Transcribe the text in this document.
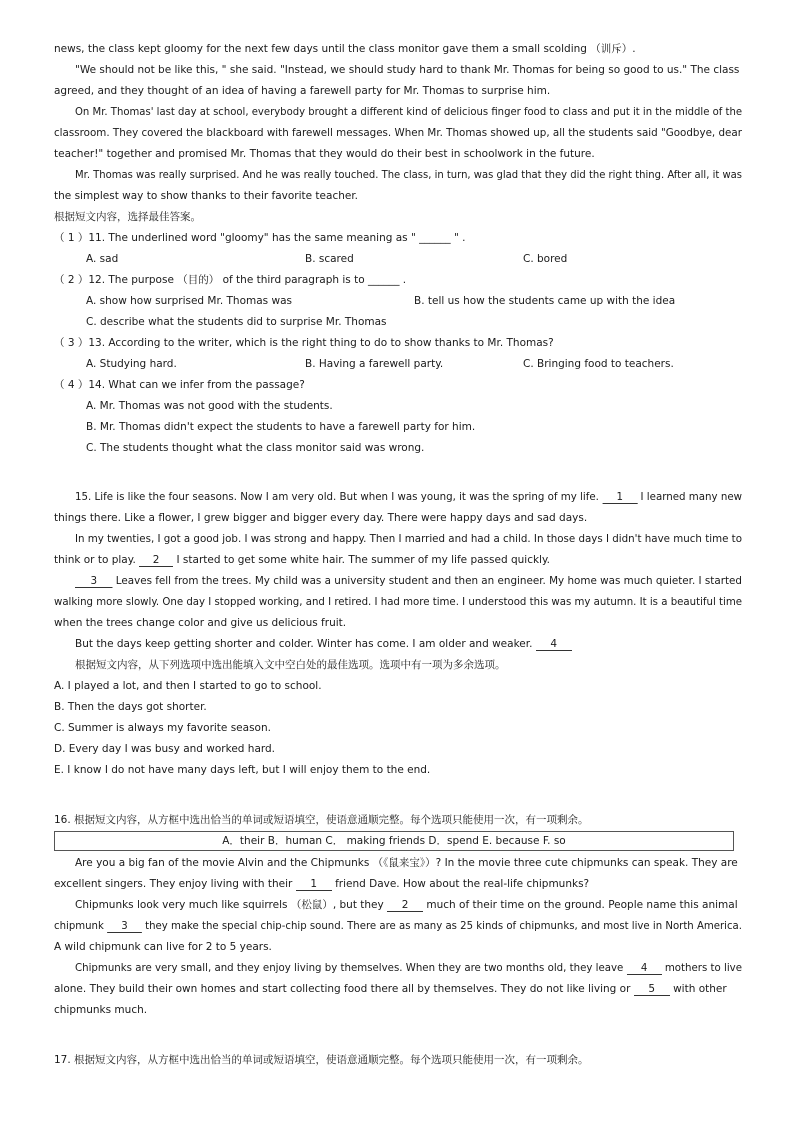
news, the class kept gloomy for the next few days until the class monitor gave them a small scolding （训斥）.
"We should not be like this, " she said. "Instead, we should study hard to thank Mr. Thomas for being so good to us." The class
agreed, and they thought of an idea of having a farewell party for Mr. Thomas to surprise him.
On Mr. Thomas' last day at school, everybody brought a different kind of delicious finger food to class and put it in the middle of the
classroom. They covered the blackboard with farewell messages. When Mr. Thomas showed up, all the students said "Goodbye, dear
teacher!" together and promised Mr. Thomas that they would do their best in schoolwork in the future.
Mr. Thomas was really surprised. And he was really touched. The class, in turn, was glad that they did the right thing. After all, it was
the simplest way to show thanks to their favorite teacher.
根据短文内容，选择最佳答案。
（ 1 ）11. The underlined word "gloomy" has the same meaning as " ______ " .
A. sad	B. scared	C. bored
（ 2 ）12. The purpose （目的） of the third paragraph is to ______ .
A. show how surprised Mr. Thomas was	B. tell us how the students came up with the idea
C. describe what the students did to surprise Mr. Thomas
（ 3 ）13. According to the writer, which is the right thing to do to show thanks to Mr. Thomas?
A. Studying hard.	B. Having a farewell party.	C. Bringing food to teachers.
（ 4 ）14. What can we infer from the passage?
A. Mr. Thomas was not good with the students.
B. Mr. Thomas didn't expect the students to have a farewell party for him.
C. The students thought what the class monitor said was wrong.
15. Life is like the four seasons. Now I am very old. But when I was young, it was the spring of my life. 1 I learned many new
things there. Like a flower, I grew bigger and bigger every day. There were happy days and sad days.
In my twenties, I got a good job. I was strong and happy. Then I married and had a child. In those days I didn't have much time to
think or to play. 2 I started to get some white hair. The summer of my life passed quickly.
3 Leaves fell from the trees. My child was a university student and then an engineer. My home was much quieter. I started
walking more slowly. One day I stopped working, and I retired. I had more time. I understood this was my autumn. It is a beautiful time
when the trees change color and give us delicious fruit.
But the days keep getting shorter and colder. Winter has come. I am older and weaker. 4
根据短文内容，从下列选项中选出能填入文中空白处的最佳选项。选项中有一项为多余选项。
A. I played a lot, and then I started to go to school.
B. Then the days got shorter.
C. Summer is always my favorite season.
D. Every day I was busy and worked hard.
E. I know I do not have many days left, but I will enjoy them to the end.
16. 根据短文内容，从方框中选出恰当的单词或短语填空，使语意通顺完整。每个选项只能使用一次，有一项剩余。
A．their B．human C． making friends D．spend E. because F. so
Are you a big fan of the movie Alvin and the Chipmunks （《鼠来宝》）? In the movie three cute chipmunks can speak. They are
excellent singers. They enjoy living with their 1 friend Dave. How about the real-life chipmunks?
Chipmunks look very much like squirrels （松鼠）, but they 2 much of their time on the ground. People name this animal
chipmunk 3 they make the special chip-chip sound. There are as many as 25 kinds of chipmunks, and most live in North America.
A wild chipmunk can live for 2 to 5 years.
Chipmunks are very small, and they enjoy living by themselves. When they are two months old, they leave 4 mothers to live
alone. They build their own homes and start collecting food there all by themselves. They do not like living or 5 with other
chipmunks much.
17. 根据短文内容，从方框中选出恰当的单词或短语填空，使语意通顺完整。每个选项只能使用一次，有一项剩余。
